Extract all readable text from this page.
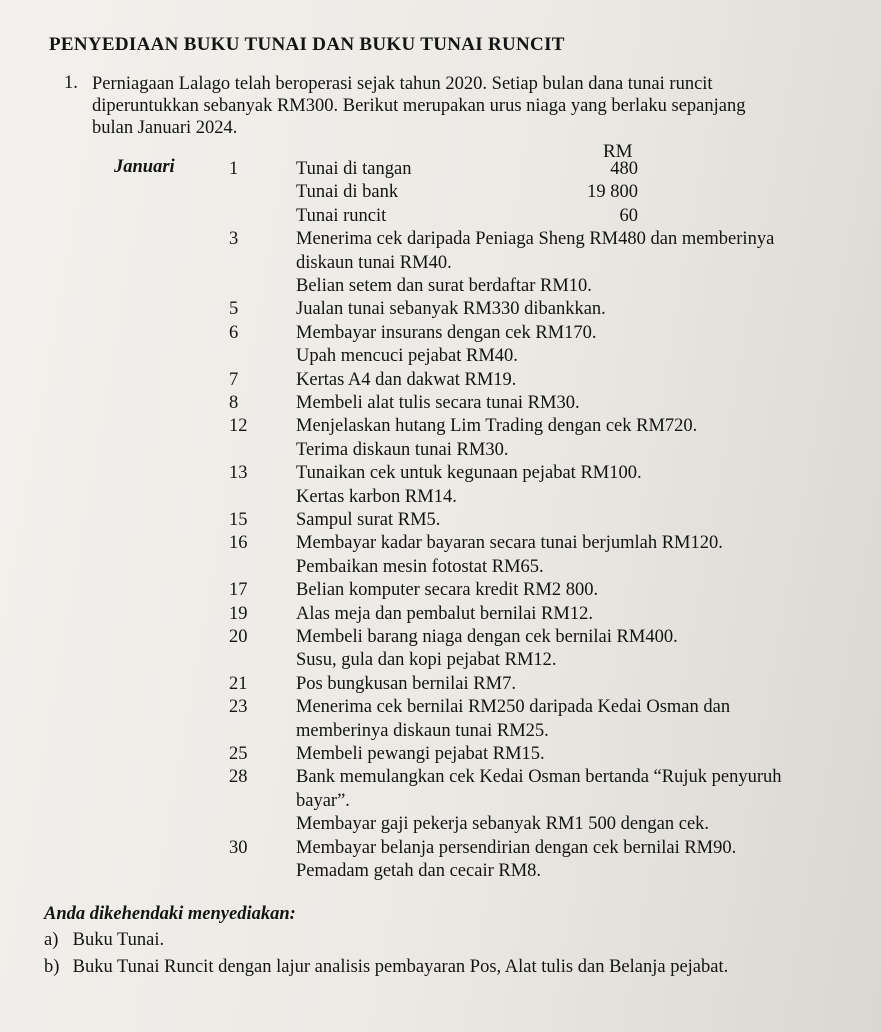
PENYEDIAAN BUKU TUNAI DAN BUKU TUNAI RUNCIT
1. Perniagaan Lalago telah beroperasi sejak tahun 2020. Setiap bulan dana tunai runcit
diperuntukkan sebanyak RM300. Berikut merupakan urus niaga yang berlaku sepanjang
bulan Januari 2024.
RM
Januari	1	Tunai di tangan	480
Tunai di bank	19 800
Tunai runcit	60
3	Menerima cek daripada Peniaga Sheng RM480 dan memberinya
diskaun tunai RM40.
Belian setem dan surat berdaftar RM10.
5	Jualan tunai sebanyak RM330 dibankkan.
6	Membayar insurans dengan cek RM170.
Upah mencuci pejabat RM40.
7	Kertas A4 dan dakwat RM19.
8	Membeli alat tulis secara tunai RM30.
12	Menjelaskan hutang Lim Trading dengan cek RM720.
Terima diskaun tunai RM30.
13	Tunaikan cek untuk kegunaan pejabat RM100.
Kertas karbon RM14.
15	Sampul surat RM5.
16	Membayar kadar bayaran secara tunai berjumlah RM120.
Pembaikan mesin fotostat RM65.
17	Belian komputer secara kredit RM2 800.
19	Alas meja dan pembalut bernilai RM12.
20	Membeli barang niaga dengan cek bernilai RM400.
Susu, gula dan kopi pejabat RM12.
21	Pos bungkusan bernilai RM7.
23	Menerima cek bernilai RM250 daripada Kedai Osman dan
memberinya diskaun tunai RM25.
25	Membeli pewangi pejabat RM15.
28	Bank memulangkan cek Kedai Osman bertanda “Rujuk penyuruh
bayar”.
Membayar gaji pekerja sebanyak RM1 500 dengan cek.
30	Membayar belanja persendirian dengan cek bernilai RM90.
Pemadam getah dan cecair RM8.
Anda dikehendaki menyediakan:
a) Buku Tunai.
b) Buku Tunai Runcit dengan lajur analisis pembayaran Pos, Alat tulis dan Belanja pejabat.
